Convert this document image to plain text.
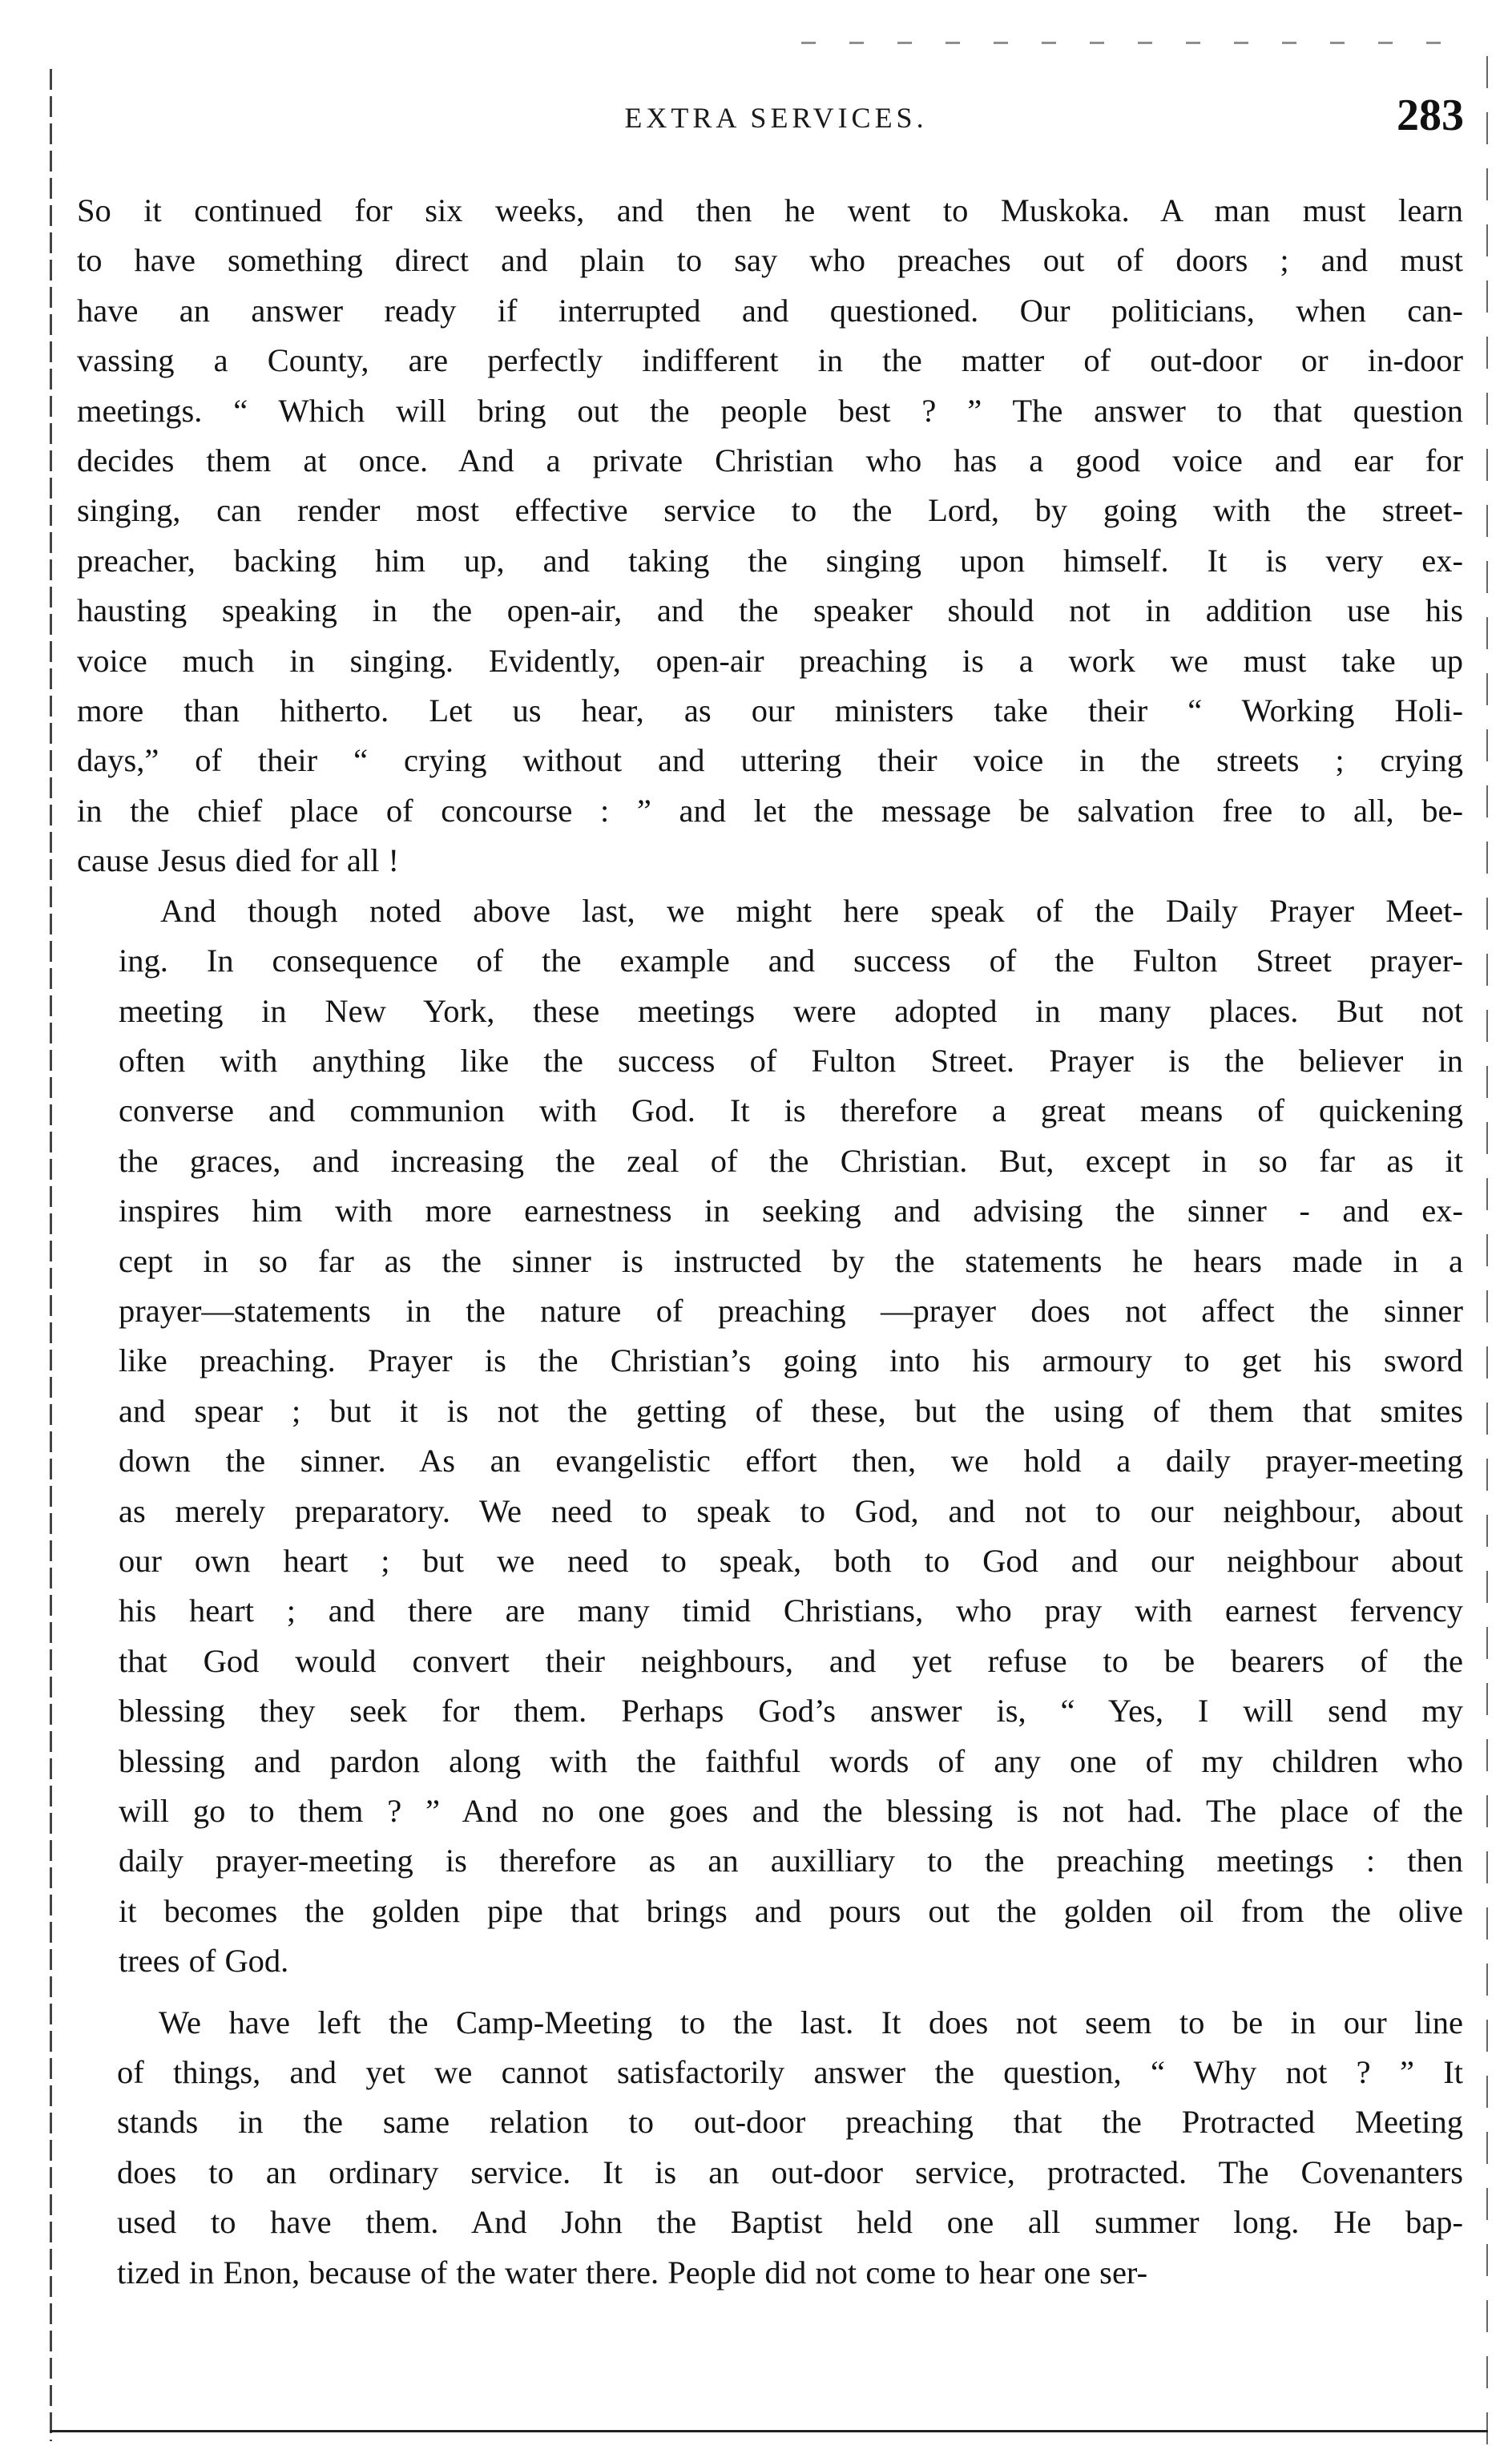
EXTRA SERVICES.	283
So it continued for six weeks, and then he went to Muskoka. A man must learn
to have something direct and plain to say who preaches out of doors ; and must
have an answer ready if interrupted and questioned. Our politicians, when can-
vassing a County, are perfectly indifferent in the matter of out-door or in-door
meetings. “ Which will bring out the people best ? ” The answer to that question
decides them at once. And a private Christian who has a good voice and ear for
singing, can render most effective service to the Lord, by going with the street-
preacher, backing him up, and taking the singing upon himself. It is very ex-
hausting speaking in the open-air, and the speaker should not in addition use his
voice much in singing. Evidently, open-air preaching is a work we must take up
more than hitherto. Let us hear, as our ministers take their “ Working Holi-
days,” of their “ crying without and uttering their voice in the streets ; crying
in the chief place of concourse : ” and let the message be salvation free to all, be-
cause Jesus died for all !
And though noted above last, we might here speak of the Daily Prayer Meet-
ing. In consequence of the example and success of the Fulton Street prayer-
meeting in New York, these meetings were adopted in many places. But not
often with anything like the success of Fulton Street. Prayer is the believer in
converse and communion with God. It is therefore a great means of quickening
the graces, and increasing the zeal of the Christian. But, except in so far as it
inspires him with more earnestness in seeking and advising the sinner - and ex-
cept in so far as the sinner is instructed by the statements he hears made in a
prayer—statements in the nature of preaching —prayer does not affect the sinner
like preaching. Prayer is the Christian’s going into his armoury to get his sword
and spear ; but it is not the getting of these, but the using of them that smites
down the sinner. As an evangelistic effort then, we hold a daily prayer-meeting
as merely preparatory. We need to speak to God, and not to our neighbour, about
our own heart ; but we need to speak, both to God and our neighbour about
his heart ; and there are many timid Christians, who pray with earnest fervency
that God would convert their neighbours, and yet refuse to be bearers of the
blessing they seek for them. Perhaps God’s answer is, “ Yes, I will send my
blessing and pardon along with the faithful words of any one of my children who
will go to them ? ” And no one goes and the blessing is not had. The place of the
daily prayer-meeting is therefore as an auxilliary to the preaching meetings : then
it becomes the golden pipe that brings and pours out the golden oil from the olive
trees of God.
We have left the Camp-Meeting to the last. It does not seem to be in our line
of things, and yet we cannot satisfactorily answer the question, “ Why not ? ” It
stands in the same relation to out-door preaching that the Protracted Meeting
does to an ordinary service. It is an out-door service, protracted. The Covenanters
used to have them. And John the Baptist held one all summer long. He bap-
tized in Enon, because of the water there. People did not come to hear one ser-
